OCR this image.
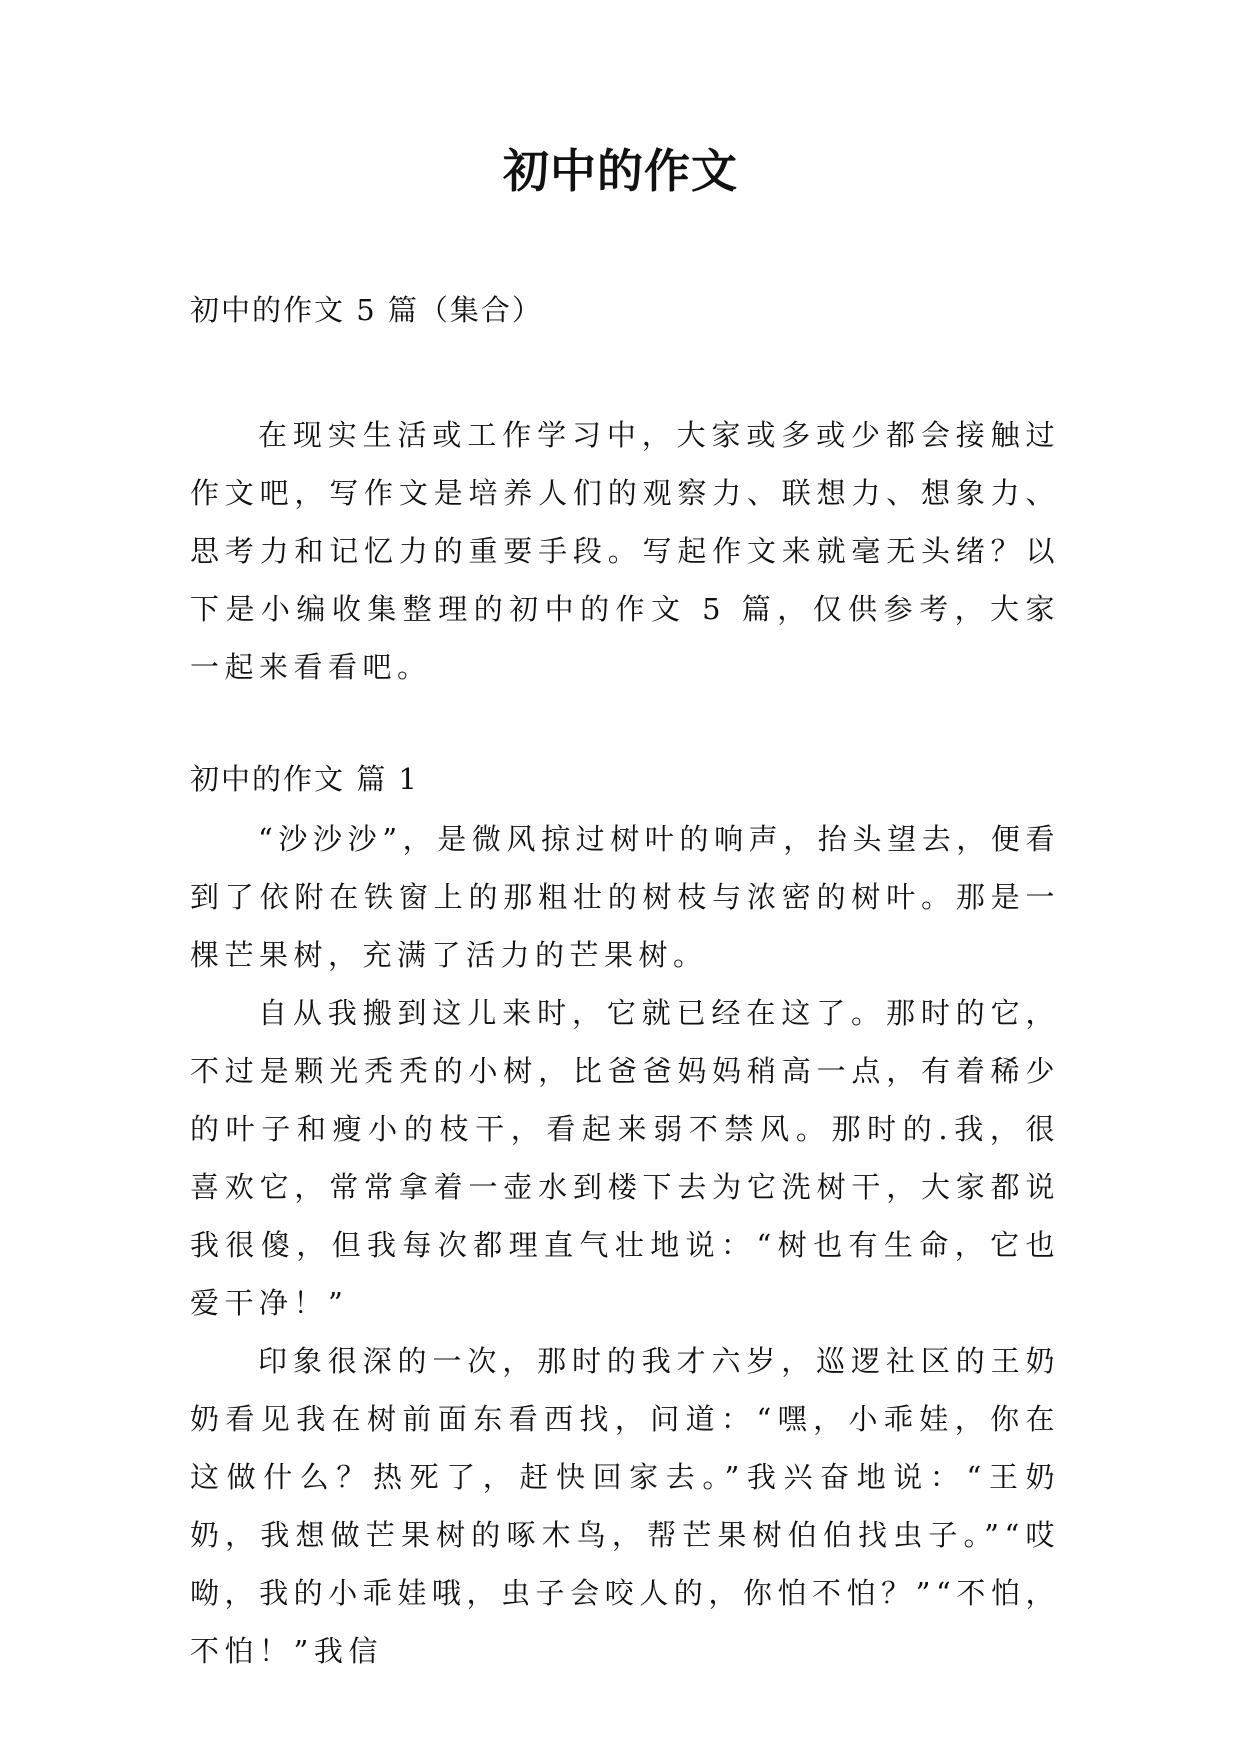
初中的作文
初中的作文 5 篇（集合）

在现实生活或工作学习中，大家或多或少都会接触过作文吧，写作文是培养人们的观察力、联想力、想象力、思考力和记忆力的重要手段。写起作文来就毫无头绪？以下是小编收集整理的初中的作文 5 篇，仅供参考，大家一起来看看吧。

初中的作文 篇 1

“沙沙沙”，是微风掠过树叶的响声，抬头望去，便看到了依附在铁窗上的那粗壮的树枝与浓密的树叶。那是一棵芒果树，充满了活力的芒果树。

自从我搬到这儿来时，它就已经在这了。那时的它，不过是颗光秃秃的小树，比爸爸妈妈稍高一点，有着稀少的叶子和瘦小的枝干，看起来弱不禁风。那时的.我，很喜欢它，常常拿着一壶水到楼下去为它洗树干，大家都说我很傻，但我每次都理直气壮地说：“树也有生命，它也爱干净！”

印象很深的一次，那时的我才六岁，巡逻社区的王奶奶看见我在树前面东看西找，问道：“嘿，小乖娃，你在这做什么？热死了，赶快回家去。”我兴奋地说：“王奶奶，我想做芒果树的啄木鸟，帮芒果树伯伯找虫子。”“哎呦，我的小乖娃哦，虫子会咬人的，你怕不怕？”“不怕，不怕！”我信
